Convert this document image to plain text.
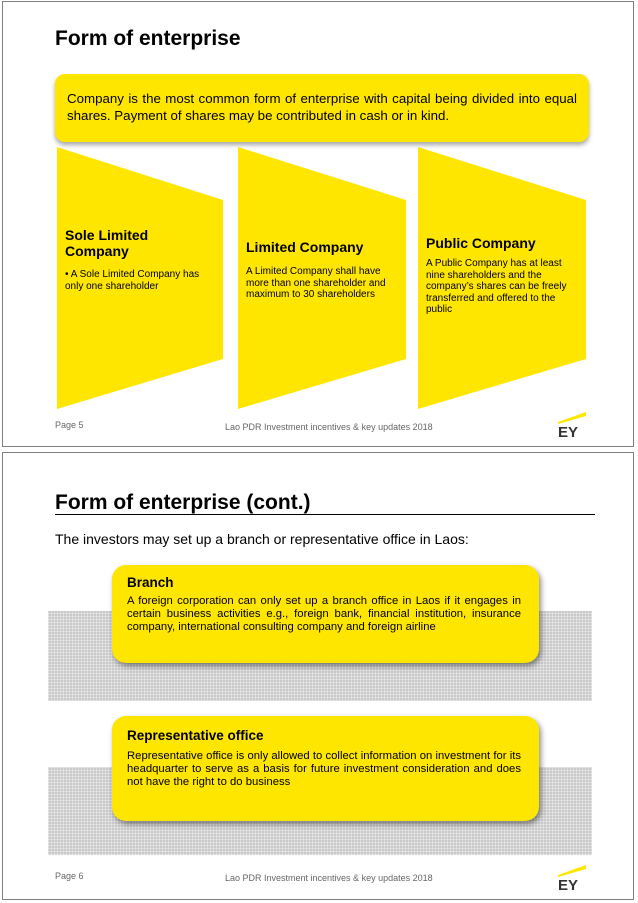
Form of enterprise
Company is the most common form of enterprise with capital being divided into equal shares. Payment of shares may be contributed in cash or in kind.
Sole Limited Company
• A Sole Limited Company has only one shareholder
Limited Company
A Limited Company shall have more than one shareholder and maximum to 30 shareholders
Public Company
A Public Company has at least nine shareholders and the company’s shares can be freely transferred and offered to the public
Page 5	Lao PDR Investment incentives & key updates 2018	EY
Form of enterprise (cont.)
The investors may set up a branch or representative office in Laos:
Branch
A foreign corporation can only set up a branch office in Laos if it engages in certain business activities e.g., foreign bank, financial institution, insurance company, international consulting company and foreign airline
Representative office
Representative office is only allowed to collect information on investment for its headquarter to serve as a basis for future investment consideration and does not have the right to do business
Page 6	Lao PDR Investment incentives & key updates 2018	EY
